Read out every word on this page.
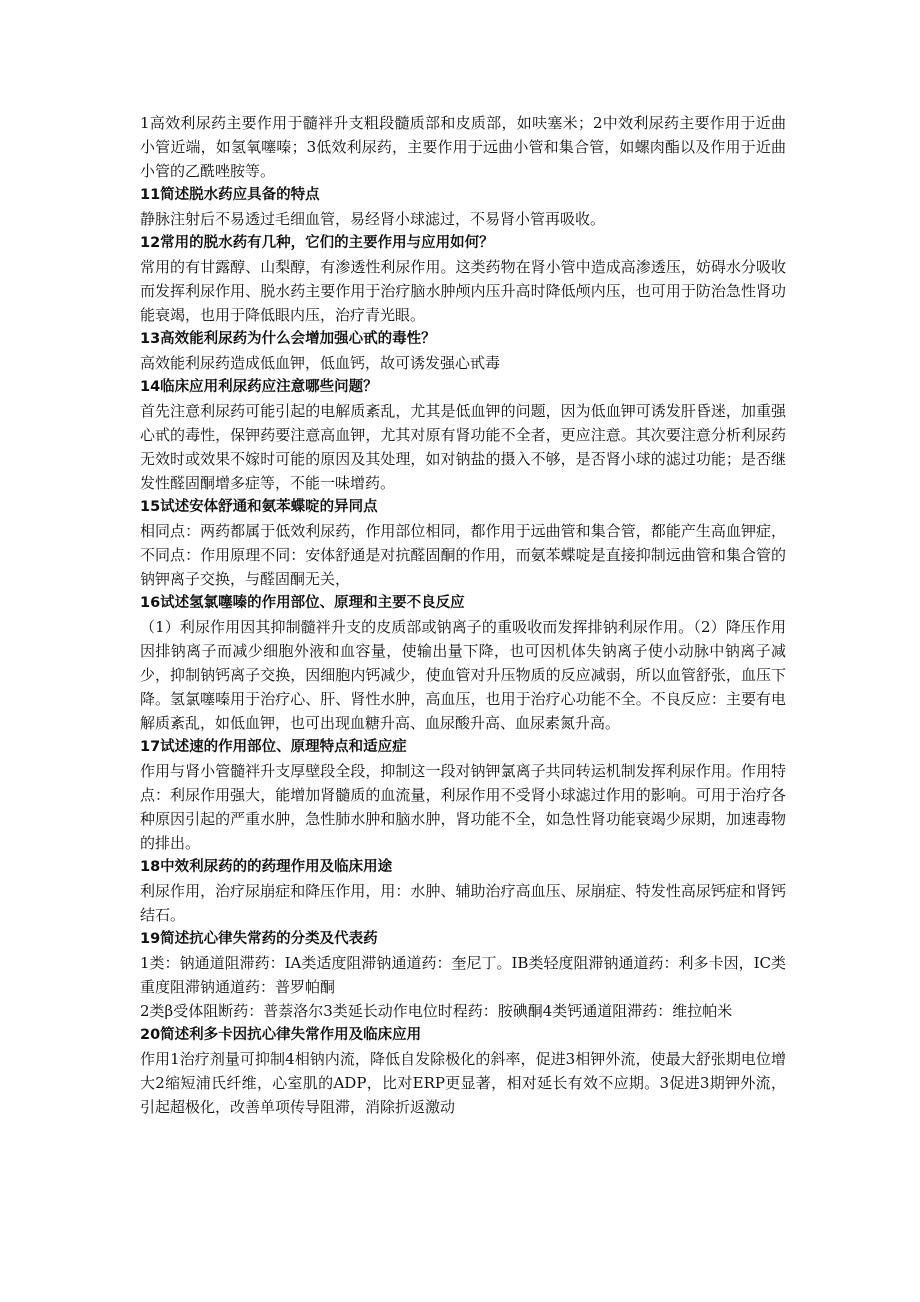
1高效利尿药主要作用于髓袢升支粗段髓质部和皮质部，如呋塞米；2中效利尿药主要作用于近曲小管近端，如氢氧噻嗪；3低效利尿药，主要作用于远曲小管和集合管，如螺肉酯以及作用于近曲小管的乙酰唑胺等。

11简述脱水药应具备的特点

静脉注射后不易透过毛细血管，易经肾小球滤过，不易肾小管再吸收。

12常用的脱水药有几种，它们的主要作用与应用如何？

常用的有甘露醇、山梨醇，有渗透性利尿作用。这类药物在肾小管中造成高渗透压，妨碍水分吸收而发挥利尿作用、脱水药主要作用于治疗脑水肿颅内压升高时降低颅内压，也可用于防治急性肾功能衰竭，也用于降低眼内压，治疗青光眼。

13高效能利尿药为什么会增加强心甙的毒性？

高效能利尿药造成低血钾，低血钙，故可诱发强心甙毒

14临床应用利尿药应注意哪些问题？

首先注意利尿药可能引起的电解质紊乱，尤其是低血钾的问题，因为低血钾可诱发肝昏迷，加重强心甙的毒性，保钾药要注意高血钾，尤其对原有肾功能不全者，更应注意。其次要注意分析利尿药无效时或效果不嫁时可能的原因及其处理，如对钠盐的摄入不够，是否肾小球的滤过功能；是否继发性醛固酮增多症等，不能一味增药。

15试述安体舒通和氨苯蝶啶的异同点

相同点：两药都属于低效利尿药，作用部位相同，都作用于远曲管和集合管，都能产生高血钾症，不同点：作用原理不同：安体舒通是对抗醛固酮的作用，而氨苯蝶啶是直接抑制远曲管和集合管的钠钾离子交换，与醛固酮无关，

16试述氢氯噻嗪的作用部位、原理和主要不良反应

（1）利尿作用因其抑制髓袢升支的皮质部或钠离子的重吸收而发挥排钠利尿作用。（2）降压作用因排钠离子而减少细胞外液和血容量，使输出量下降，也可因机体失钠离子使小动脉中钠离子减少，抑制钠钙离子交换，因细胞内钙减少，使血管对升压物质的反应减弱，所以血管舒张，血压下降。氢氯噻嗪用于治疗心、肝、肾性水肿，高血压，也用于治疗心功能不全。不良反应：主要有电解质紊乱，如低血钾，也可出现血糖升高、血尿酸升高、血尿素氮升高。

17试述速的作用部位、原理特点和适应症

作用与肾小管髓袢升支厚壁段全段，抑制这一段对钠钾氯离子共同转运机制发挥利尿作用。作用特点：利尿作用强大，能增加肾髓质的血流量，利尿作用不受肾小球滤过作用的影响。可用于治疗各种原因引起的严重水肿，急性肺水肿和脑水肿，肾功能不全，如急性肾功能衰竭少尿期，加速毒物的排出。

18中效利尿药的的药理作用及临床用途

利尿作用，治疗尿崩症和降压作用，用：水肿、辅助治疗高血压、尿崩症、特发性高尿钙症和肾钙结石。

19简述抗心律失常药的分类及代表药

1类：钠通道阻滞药：IA类适度阻滞钠通道药：奎尼丁。IB类轻度阻滞钠通道药：利多卡因，IC类重度阻滞钠通道药：普罗帕酮

2类β受体阻断药：普萘洛尔3类延长动作电位时程药：胺碘酮4类钙通道阻滞药：维拉帕米

20简述利多卡因抗心律失常作用及临床应用

作用1治疗剂量可抑制4相钠内流，降低自发除极化的斜率，促进3相钾外流，使最大舒张期电位增大2缩短浦氏纤维，心室肌的ADP，比对ERP更显著，相对延长有效不应期。3促进3期钾外流，引起超极化，改善单项传导阻滞，消除折返激动
